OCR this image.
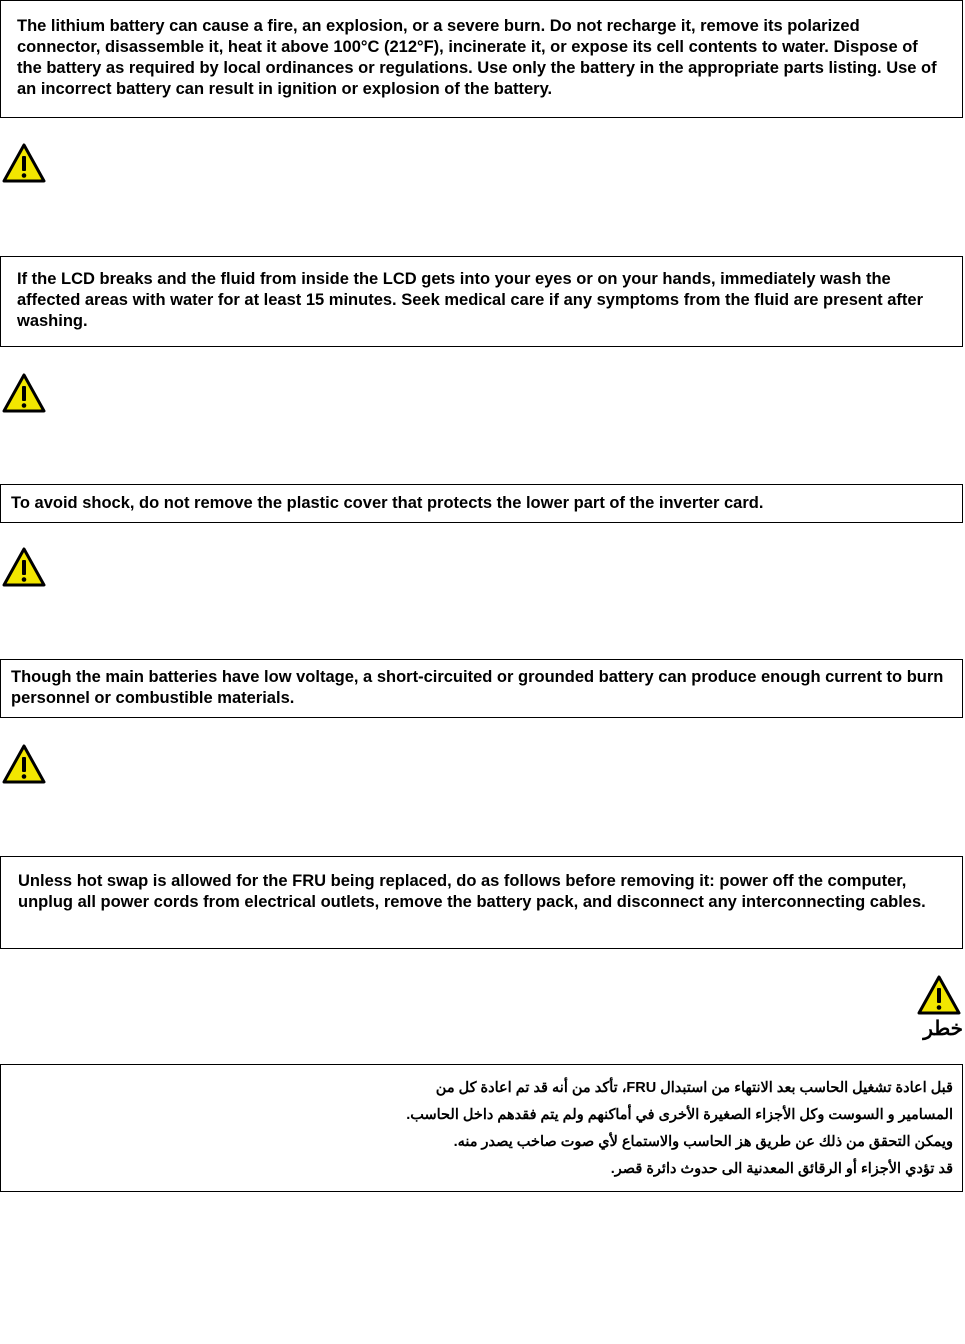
The lithium battery can cause a fire, an explosion, or a severe burn. Do not recharge it, remove its polarized connector, disassemble it, heat it above 100°C (212°F), incinerate it, or expose its cell contents to water. Dispose of the battery as required by local ordinances or regulations. Use only the battery in the appropriate parts listing. Use of an incorrect battery can result in ignition or explosion of the battery.

If the LCD breaks and the fluid from inside the LCD gets into your eyes or on your hands, immediately wash the affected areas with water for at least 15 minutes. Seek medical care if any symptoms from the fluid are present after washing.

To avoid shock, do not remove the plastic cover that protects the lower part of the inverter card.

Though the main batteries have low voltage, a short-circuited or grounded battery can produce enough current to burn personnel or combustible materials.

Unless hot swap is allowed for the FRU being replaced, do as follows before removing it: power off the computer, unplug all power cords from electrical outlets, remove the battery pack, and disconnect any interconnecting cables.

خطر

قبل اعادة تشغيل الحاسب بعد الانتهاء من استبدال FRU، تأكد من أنه قد تم اعادة كل من

المسامير و السوست وكل الأجزاء الصغيرة الأخرى في أماكنهم ولم يتم فقدهم داخل الحاسب.

ويمكن التحقق من ذلك عن طريق هز الحاسب والاستماع لأي صوت صاخب يصدر منه.

قد تؤدي الأجزاء أو الرقائق المعدنية الى حدوث دائرة قصر.
